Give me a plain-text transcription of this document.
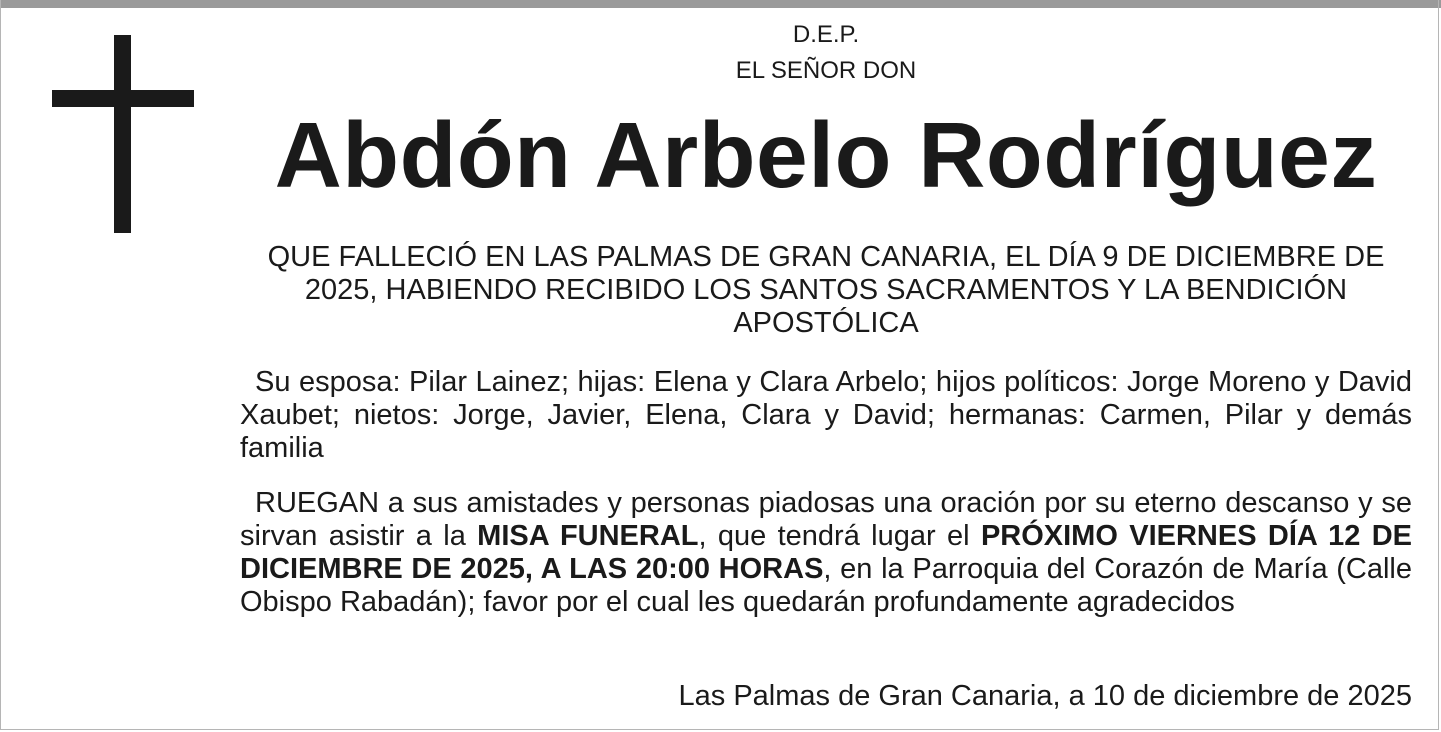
D.E.P.
EL SEÑOR DON
Abdón Arbelo Rodríguez
QUE FALLECIÓ EN LAS PALMAS DE GRAN CANARIA, EL DÍA 9 DE DICIEMBRE DE 2025, HABIENDO RECIBIDO LOS SANTOS SACRAMENTOS Y LA BENDICIÓN APOSTÓLICA
Su esposa: Pilar Lainez; hijas: Elena y Clara Arbelo; hijos políticos: Jorge Moreno y David Xaubet; nietos: Jorge, Javier, Elena, Clara y David; hermanas: Carmen, Pilar y demás familia
RUEGAN a sus amistades y personas piadosas una oración por su eterno descanso y se sirvan asistir a la MISA FUNERAL, que tendrá lugar el PRÓXIMO VIERNES DÍA 12 DE DICIEMBRE DE 2025, A LAS 20:00 HORAS, en la Parroquia del Corazón de María (Calle Obispo Rabadán); favor por el cual les quedarán profundamente agradecidos
Las Palmas de Gran Canaria, a 10 de diciembre de 2025
